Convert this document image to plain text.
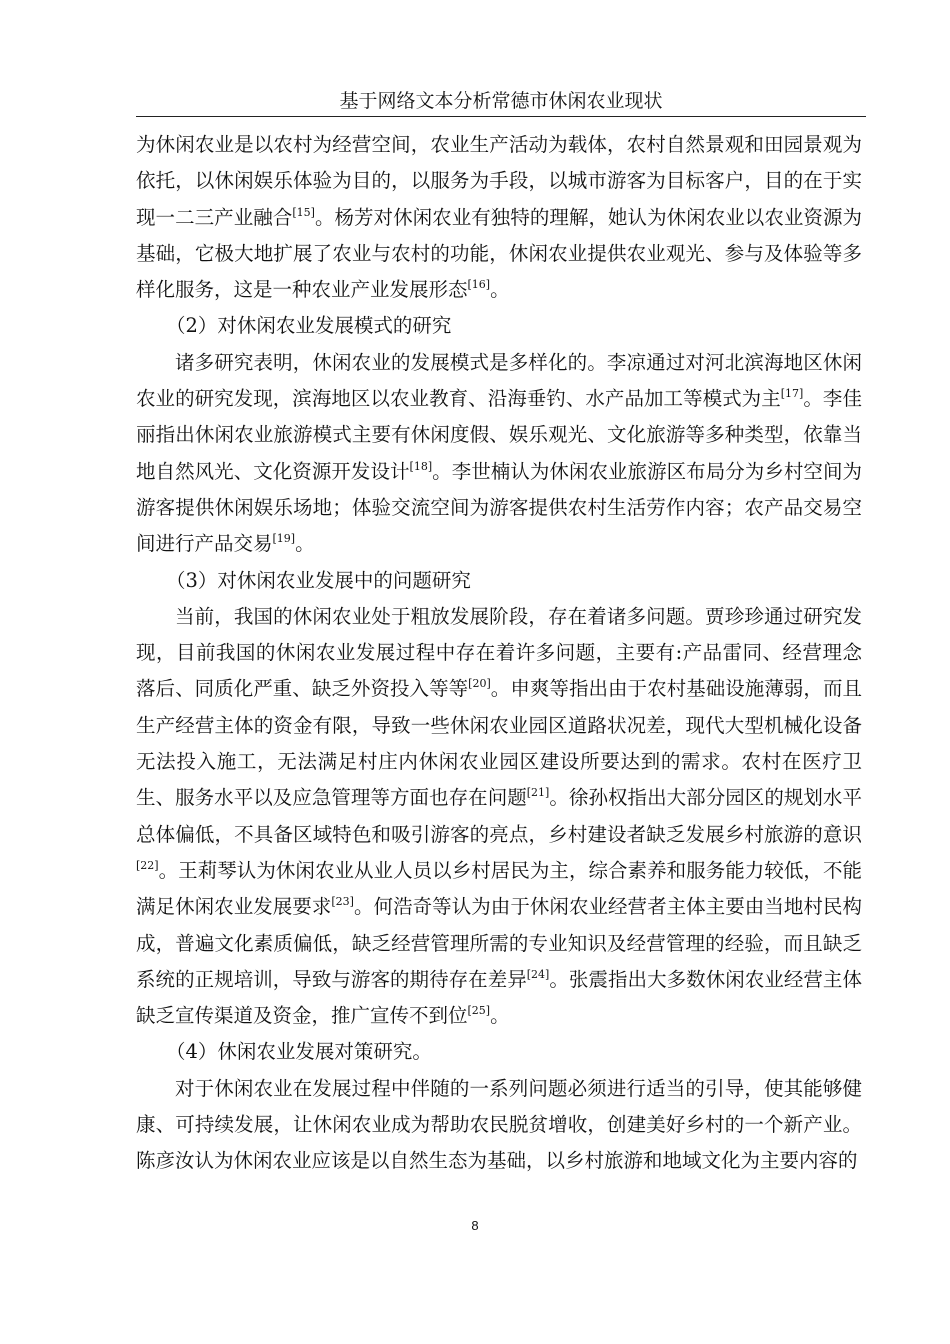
基于网络文本分析常德市休闲农业现状

为休闲农业是以农村为经营空间，农业生产活动为载体，农村自然景观和田园景观为依托，以休闲娱乐体验为目的，以服务为手段，以城市游客为目标客户，目的在于实现一二三产业融合[15]。杨芳对休闲农业有独特的理解，她认为休闲农业以农业资源为基础，它极大地扩展了农业与农村的功能，休闲农业提供农业观光、参与及体验等多样化服务，这是一种农业产业发展形态[16]。

（2）对休闲农业发展模式的研究

诸多研究表明，休闲农业的发展模式是多样化的。李凉通过对河北滨海地区休闲农业的研究发现，滨海地区以农业教育、沿海垂钓、水产品加工等模式为主[17]。李佳丽指出休闲农业旅游模式主要有休闲度假、娱乐观光、文化旅游等多种类型，依靠当地自然风光、文化资源开发设计[18]。李世楠认为休闲农业旅游区布局分为乡村空间为游客提供休闲娱乐场地；体验交流空间为游客提供农村生活劳作内容；农产品交易空间进行产品交易[19]。

（3）对休闲农业发展中的问题研究

当前，我国的休闲农业处于粗放发展阶段，存在着诸多问题。贾珍珍通过研究发现，目前我国的休闲农业发展过程中存在着许多问题，主要有:产品雷同、经营理念落后、同质化严重、缺乏外资投入等等[20]。申爽等指出由于农村基础设施薄弱，而且生产经营主体的资金有限，导致一些休闲农业园区道路状况差，现代大型机械化设备无法投入施工，无法满足村庄内休闲农业园区建设所要达到的需求。农村在医疗卫生、服务水平以及应急管理等方面也存在问题[21]。徐孙权指出大部分园区的规划水平总体偏低，不具备区域特色和吸引游客的亮点，乡村建设者缺乏发展乡村旅游的意识[22]。王莉琴认为休闲农业从业人员以乡村居民为主，综合素养和服务能力较低，不能满足休闲农业发展要求[23]。何浩奇等认为由于休闲农业经营者主体主要由当地村民构成，普遍文化素质偏低，缺乏经营管理所需的专业知识及经营管理的经验，而且缺乏系统的正规培训，导致与游客的期待存在差异[24]。张震指出大多数休闲农业经营主体缺乏宣传渠道及资金，推广宣传不到位[25]。

（4）休闲农业发展对策研究。

对于休闲农业在发展过程中伴随的一系列问题必须进行适当的引导，使其能够健康、可持续发展，让休闲农业成为帮助农民脱贫增收，创建美好乡村的一个新产业。陈彦汝认为休闲农业应该是以自然生态为基础，以乡村旅游和地域文化为主要内容的

8
